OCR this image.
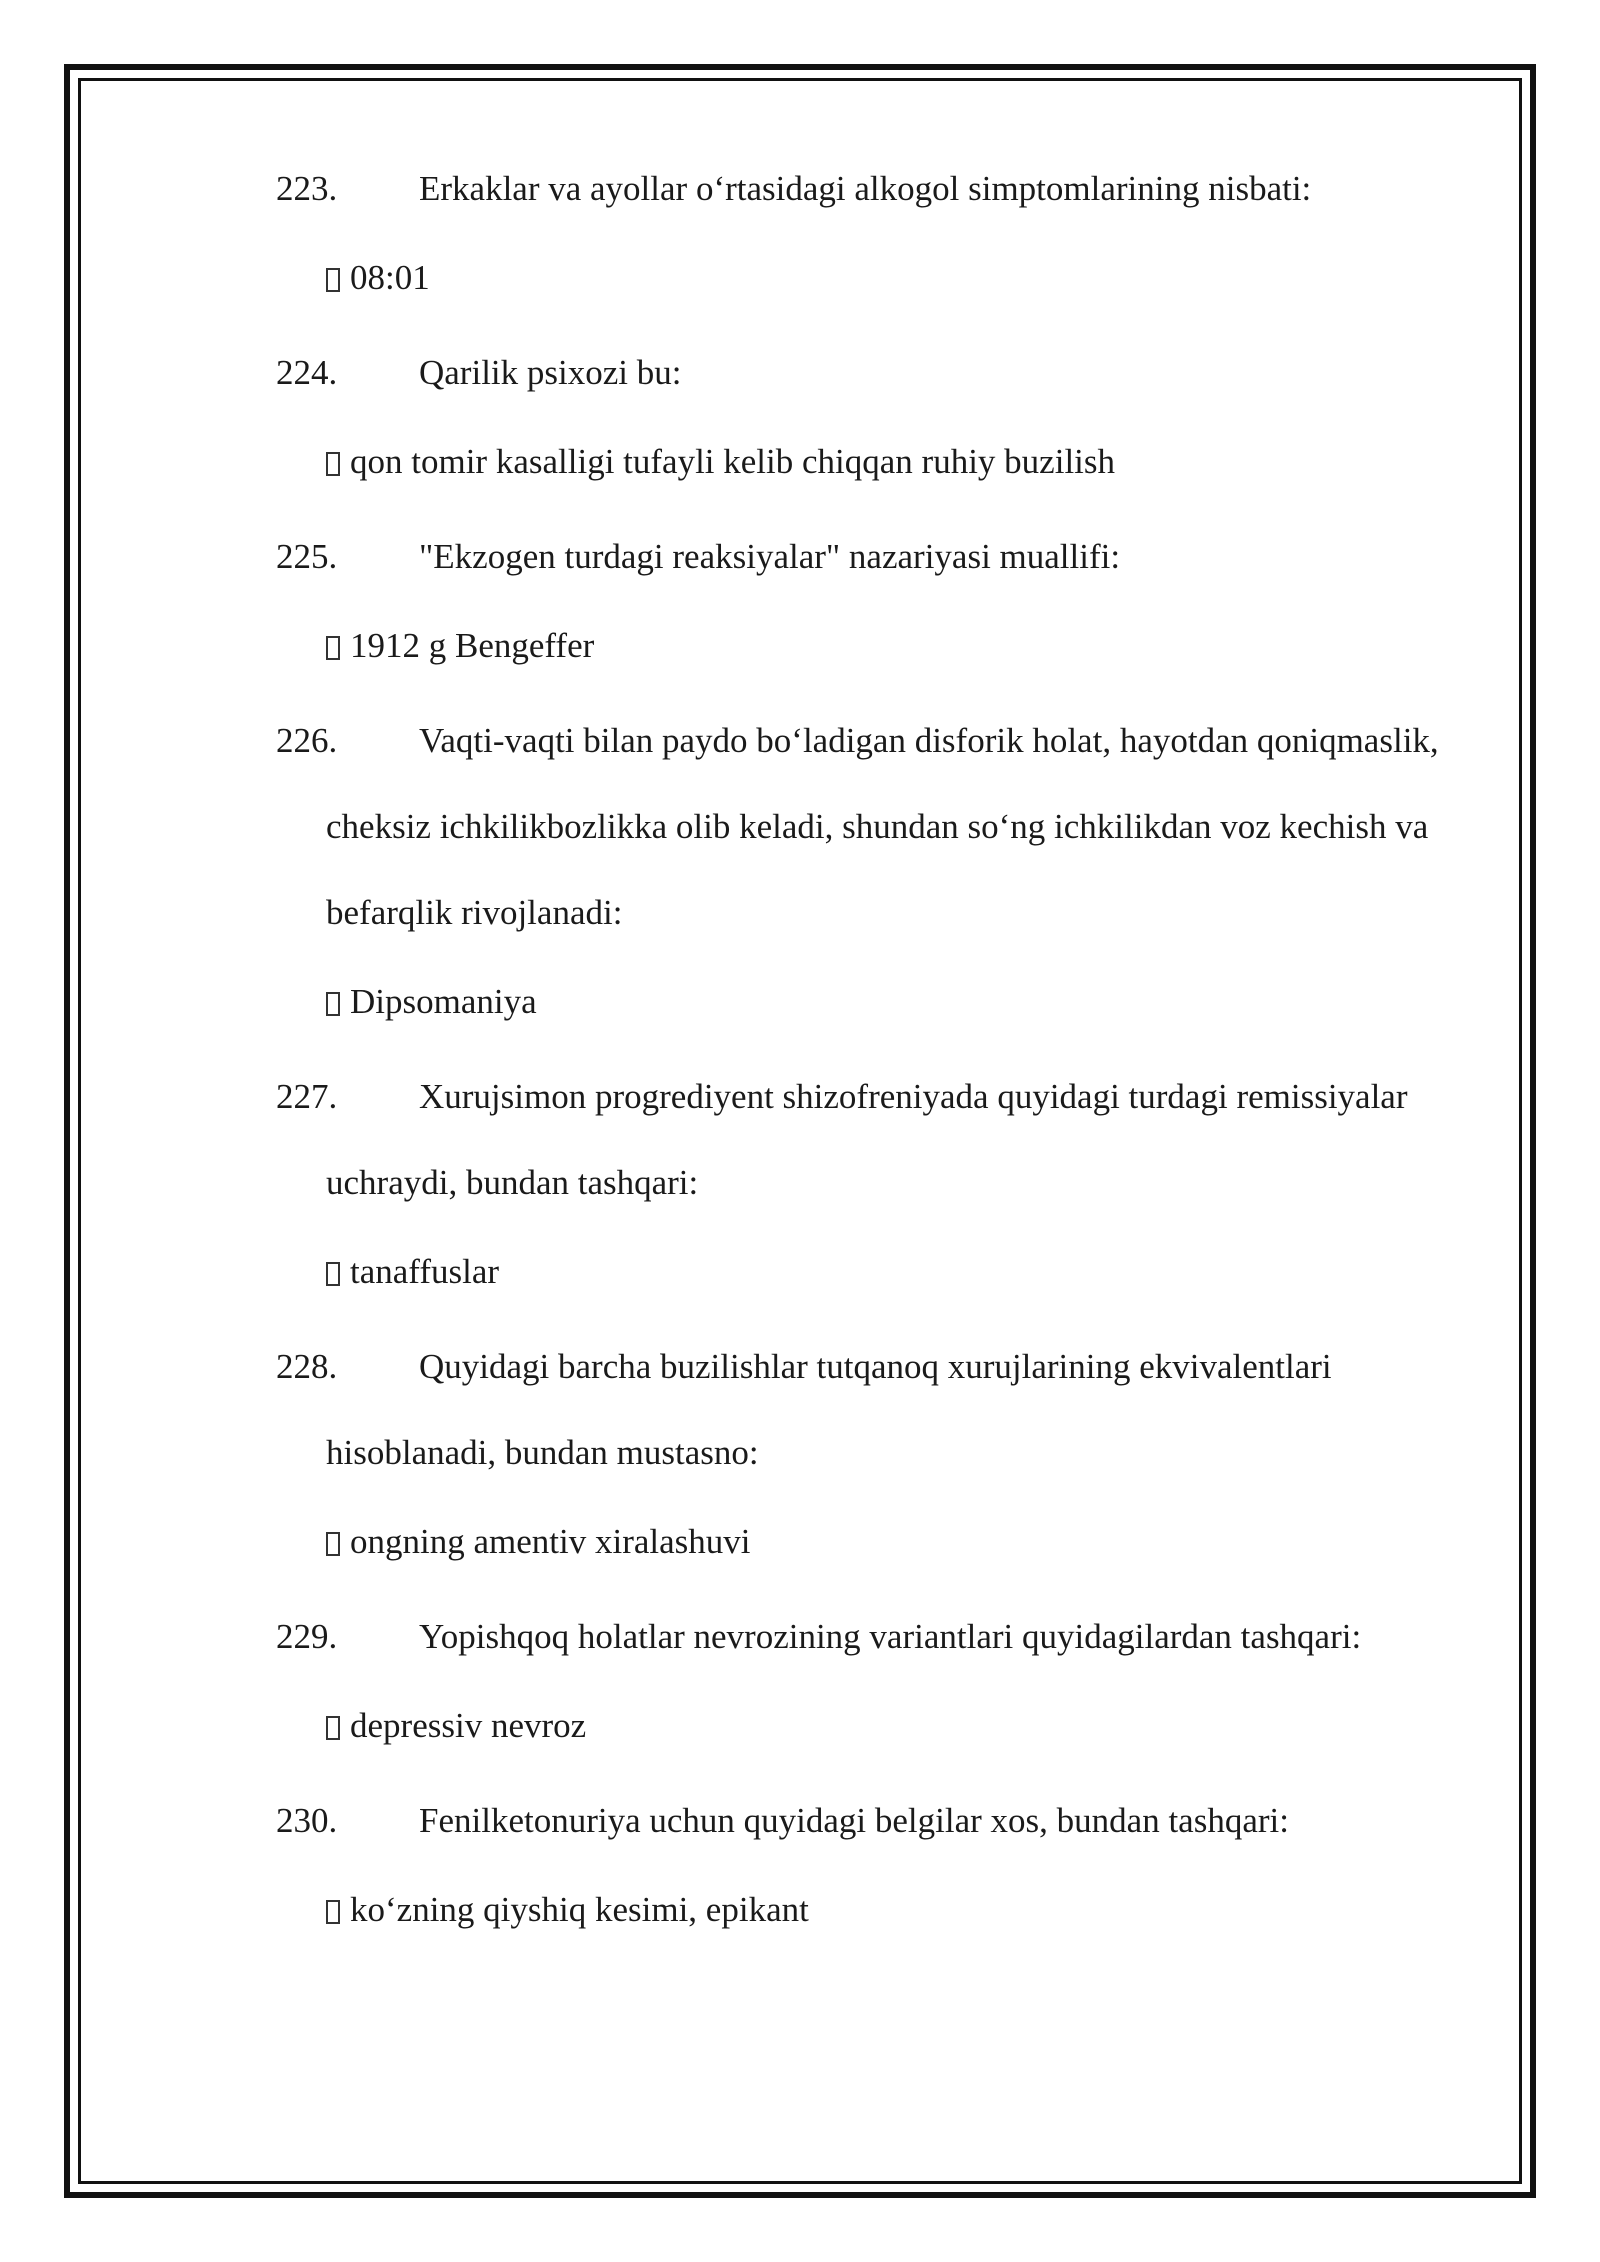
223.	Erkaklar va ayollar o‘rtasidagi alkogol simptomlarining nisbati:
08:01
224.	Qarilik psixozi bu:
qon tomir kasalligi tufayli kelib chiqqan ruhiy buzilish
225.	"Ekzogen turdagi reaksiyalar" nazariyasi muallifi:
1912 g Bengeffer
226.	Vaqti-vaqti bilan paydo bo‘ladigan disforik holat, hayotdan qoniqmaslik, cheksiz ichkilikbozlikka olib keladi, shundan so‘ng ichkilikdan voz kechish va befarqlik rivojlanadi:
Dipsomaniya
227.	Xurujsimon progrediyent shizofreniyada quyidagi turdagi remissiyalar uchraydi, bundan tashqari:
tanaffuslar
228.	Quyidagi barcha buzilishlar tutqanoq xurujlarining ekvivalentlari hisoblanadi, bundan mustasno:
ongning amentiv xiralashuvi
229.	Yopishqoq holatlar nevrozining variantlari quyidagilardan tashqari:
depressiv nevroz
230.	Fenilketonuriya uchun quyidagi belgilar xos, bundan tashqari:
ko‘zning qiyshiq kesimi, epikant
